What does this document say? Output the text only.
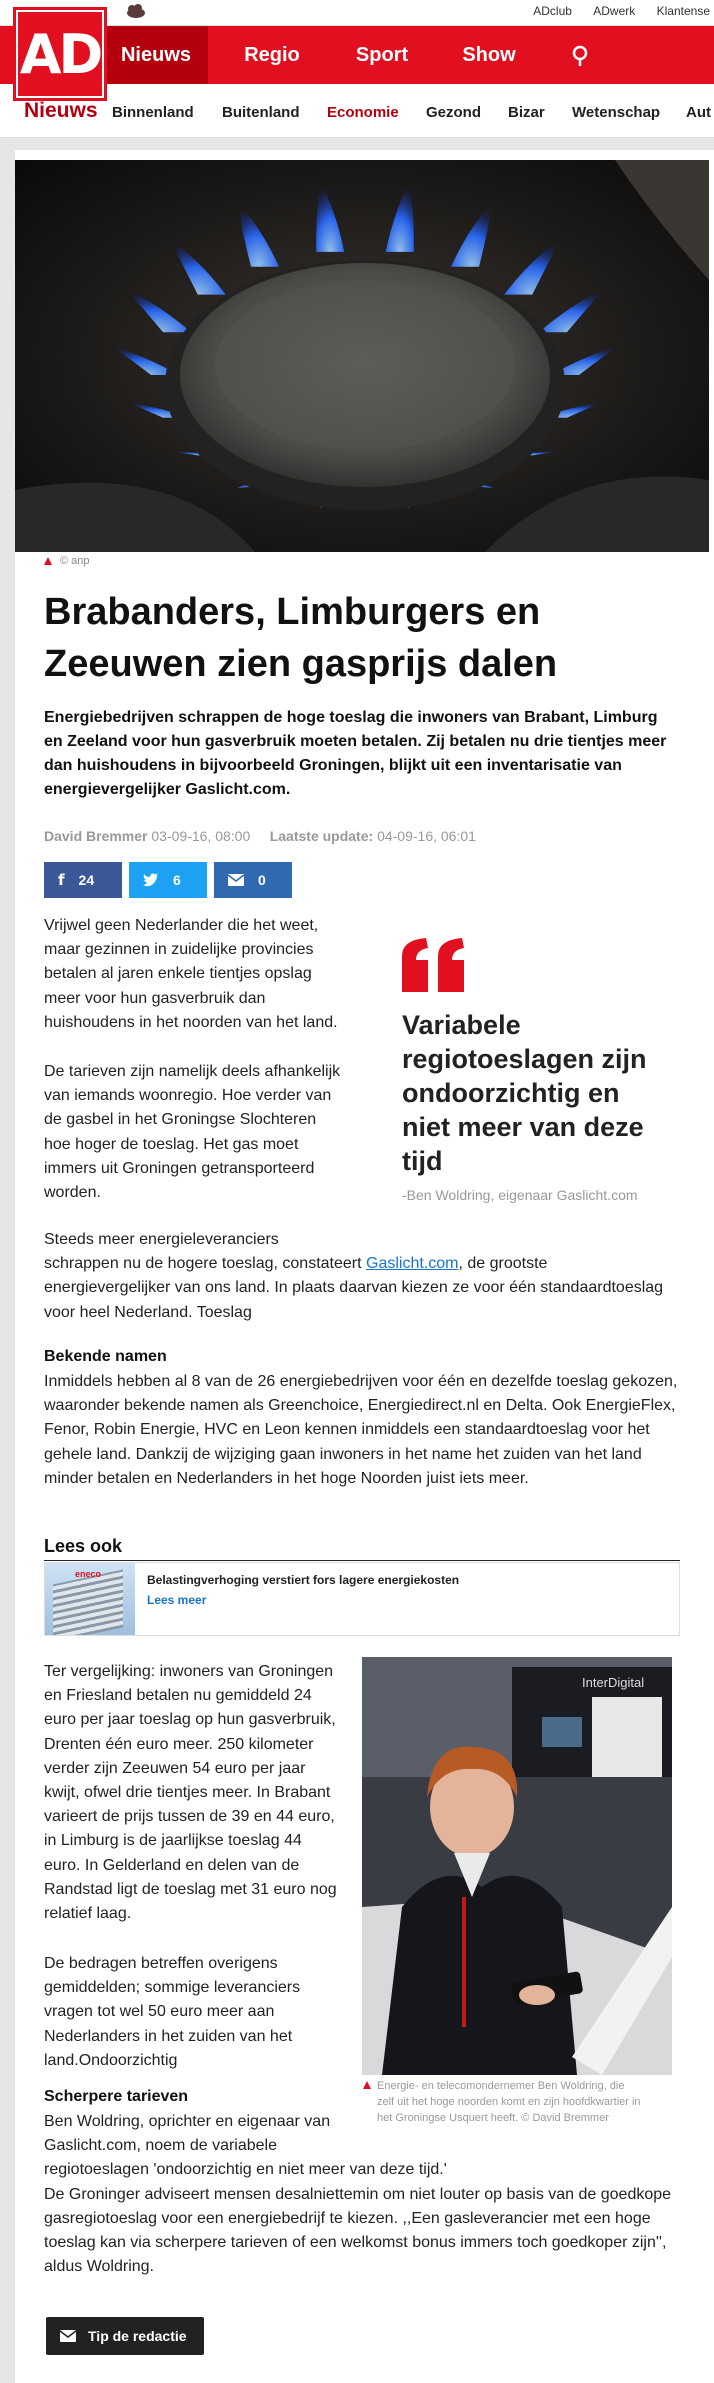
ADclub ADwerk Klantense
AD	Nieuws	Regio	Sport	Show
Nieuws Binnenland Buitenland Economie Gezond Bizar Wetenschap Aut
© anp
Brabanders, Limburgers en
Zeeuwen zien gasprijs dalen
Energiebedrijven schrappen de hoge toeslag die inwoners van Brabant, Limburg
en Zeeland voor hun gasverbruik moeten betalen. Zij betalen nu drie tientjes meer
dan huishoudens in bijvoorbeeld Groningen, blijkt uit een inventarisatie van
energievergelijker Gaslicht.com.
David Bremmer 03-09-16, 08:00 Laatste update: 04-09-16, 06:01
f 24	6	0
Vrijwel geen Nederlander die het weet,
maar gezinnen in zuidelijke provincies
betalen al jaren enkele tientjes opslag
meer voor hun gasverbruik dan
huishoudens in het noorden van het land.
De tarieven zijn namelijk deels afhankelijk
van iemands woonregio. Hoe verder van
de gasbel in het Groningse Slochteren
hoe hoger de toeslag. Het gas moet
immers uit Groningen getransporteerd
worden.
Variabele
regiotoeslagen zijn
ondoorzichtig en
niet meer van deze
tijd
-Ben Woldring, eigenaar Gaslicht.com
Steeds meer energieleveranciers
schrappen nu de hogere toeslag, constateert Gaslicht.com, de grootste
energievergelijker van ons land. In plaats daarvan kiezen ze voor één standaardtoeslag
voor heel Nederland. Toeslag
Bekende namen
Inmiddels hebben al 8 van de 26 energiebedrijven voor één en dezelfde toeslag gekozen,
waaronder bekende namen als Greenchoice, Energiedirect.nl en Delta. Ook EnergieFlex,
Fenor, Robin Energie, HVC en Leon kennen inmiddels een standaardtoeslag voor het
gehele land. Dankzij de wijziging gaan inwoners in het name het zuiden van het land
minder betalen en Nederlanders in het hoge Noorden juist iets meer.
Lees ook
eneco	Belastingverhoging verstiert fors lagere energiekosten
Lees meer
Ter vergelijking: inwoners van Groningen
en Friesland betalen nu gemiddeld 24
euro per jaar toeslag op hun gasverbruik,
Drenten één euro meer. 250 kilometer
verder zijn Zeeuwen 54 euro per jaar
kwijt, ofwel drie tientjes meer. In Brabant
varieert de prijs tussen de 39 en 44 euro,
in Limburg is de jaarlijkse toeslag 44
euro. In Gelderland en delen van de
Randstad ligt de toeslag met 31 euro nog
relatief laag.
De bedragen betreffen overigens
gemiddelden; sommige leveranciers
vragen tot wel 50 euro meer aan
Nederlanders in het zuiden van het
land.Ondoorzichtig
InterDigital
Energie- en telecomondernemer Ben Woldring, die
zelf uit het hoge noorden komt en zijn hoofdkwartier in
het Groningse Usquert heeft. © David Bremmer
Scherpere tarieven
Ben Woldring, oprichter en eigenaar van
Gaslicht.com, noem de variabele
regiotoeslagen 'ondoorzichtig en niet meer van deze tijd.'
De Groninger adviseert mensen desalniettemin om niet louter op basis van de goedkope
gasregiotoeslag voor een energiebedrijf te kiezen. ,,Een gasleverancier met een hoge
toeslag kan via scherpere tarieven of een welkomst bonus immers toch goedkoper zijn'',
aldus Woldring.
Tip de redactie
